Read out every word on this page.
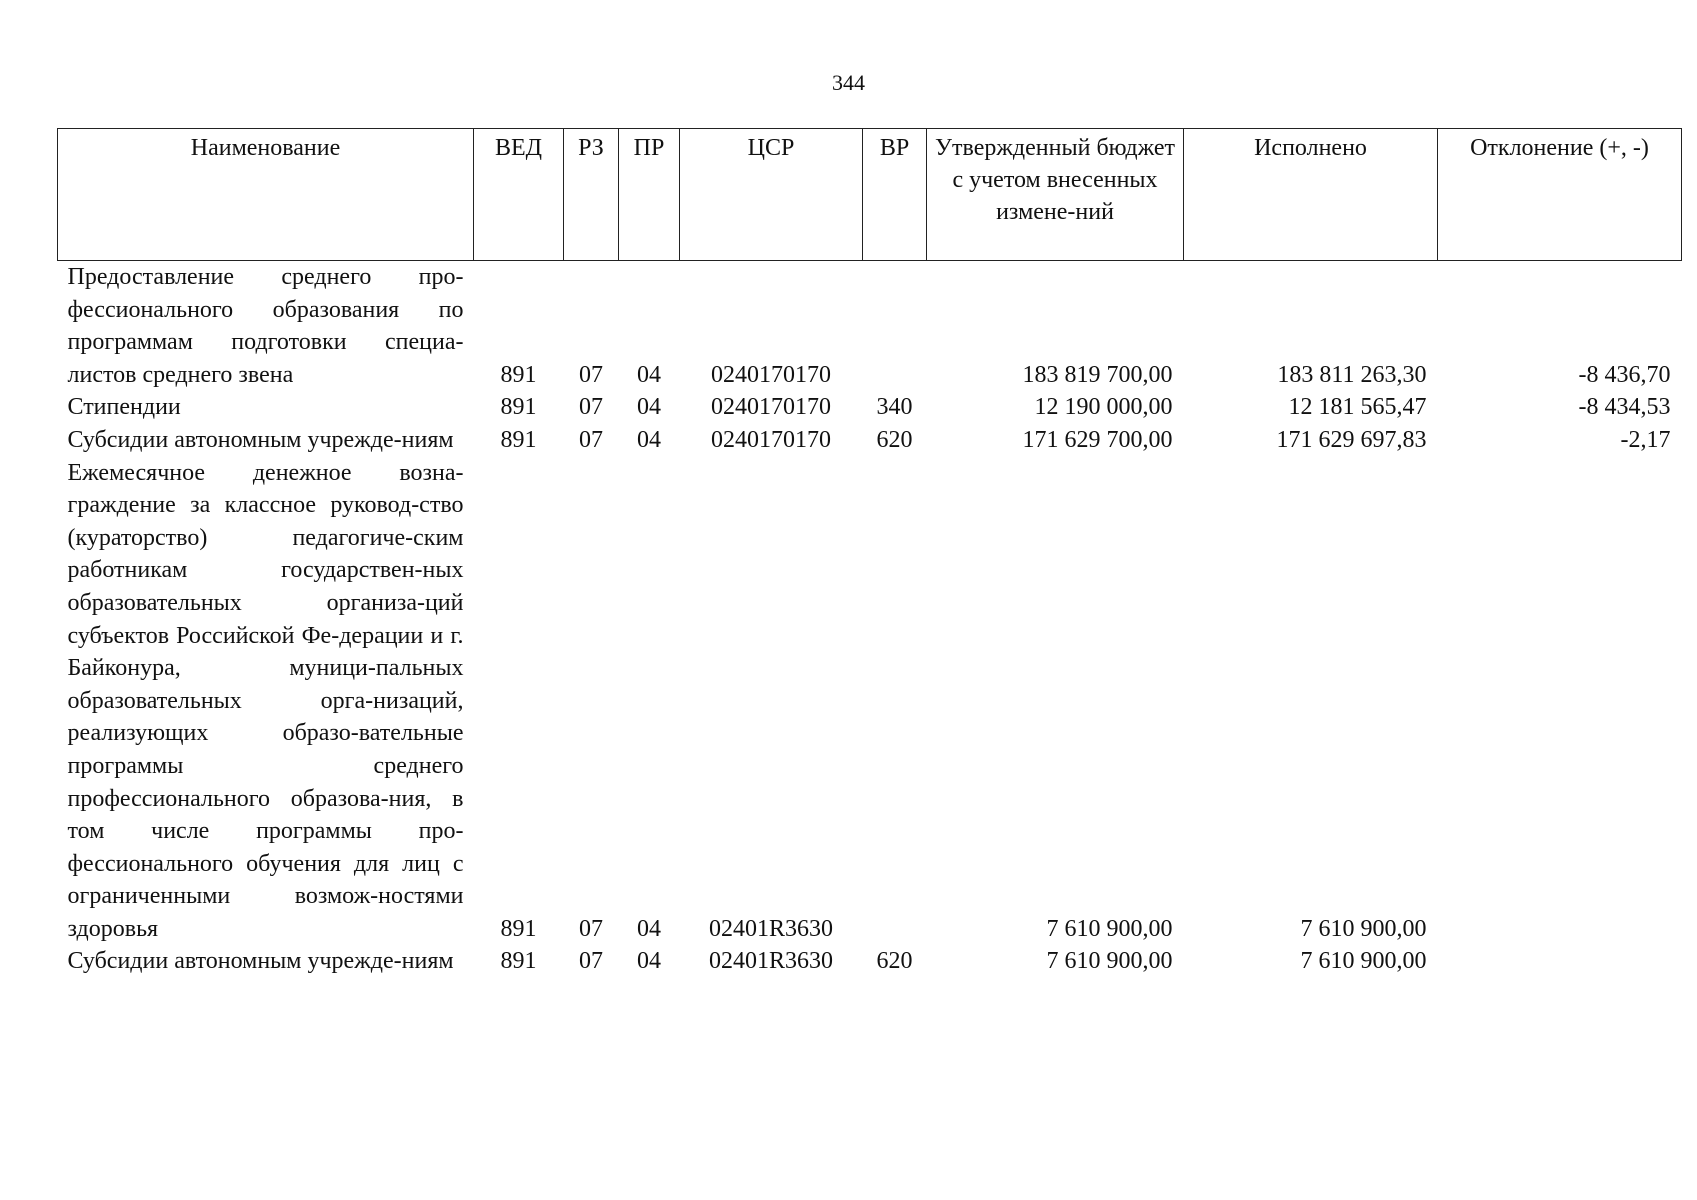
344
Наименование	ВЕД	РЗ	ПР	ЦСР	ВР	Утвержденный бюджет с учетом внесенных измене-ний	Исполнено	Отклонение (+, -)
Предоставление среднего про-фессионального образования по программам подготовки специа-листов среднего звена	891	07	04	0240170170		183 819 700,00	183 811 263,30	-8 436,70
Стипендии	891	07	04	0240170170	340	12 190 000,00	12 181 565,47	-8 434,53
Субсидии автономным учрежде-ниям	891	07	04	0240170170	620	171 629 700,00	171 629 697,83	-2,17
Ежемесячное денежное возна-граждение за классное руковод-ство (кураторство) педагогиче-ским работникам государствен-ных образовательных организа-ций субъектов Российской Фе-дерации и г. Байконура, муници-пальных образовательных орга-низаций, реализующих образо-вательные программы среднего профессионального образова-ния, в том числе программы про-фессионального обучения для лиц с ограниченными возмож-ностями здоровья	891	07	04	02401R3630		7 610 900,00	7 610 900,00	
Субсидии автономным учрежде-ниям	891	07	04	02401R3630	620	7 610 900,00	7 610 900,00	
